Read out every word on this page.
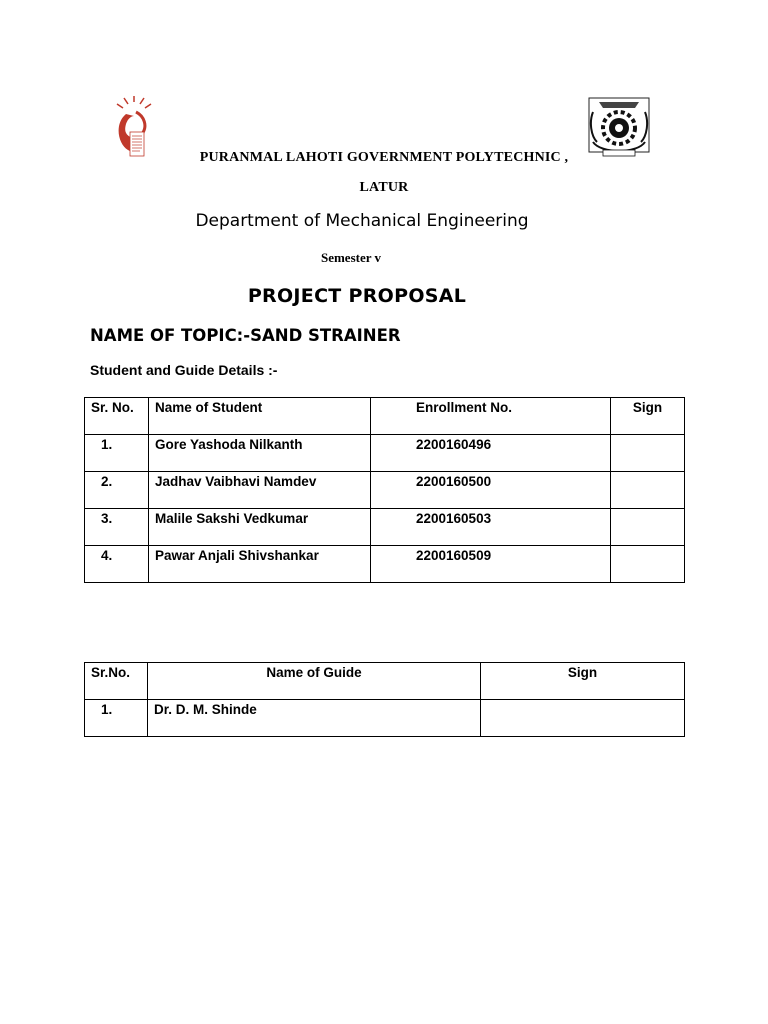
PURANMAL LAHOTI GOVERNMENT POLYTECHNIC ,
LATUR
Department of Mechanical Engineering
Semester v
PROJECT PROPOSAL
NAME OF TOPIC:-SAND STRAINER
Student and Guide Details :-
Sr. No.	Name of Student	Enrollment No.	Sign
1.	Gore Yashoda Nilkanth	2200160496	
2.	Jadhav Vaibhavi Namdev	2200160500	
3.	Malile Sakshi Vedkumar	2200160503	
4.	Pawar Anjali Shivshankar	2200160509	
Sr.No.	Name of Guide	Sign
1.	Dr. D. M. Shinde	
